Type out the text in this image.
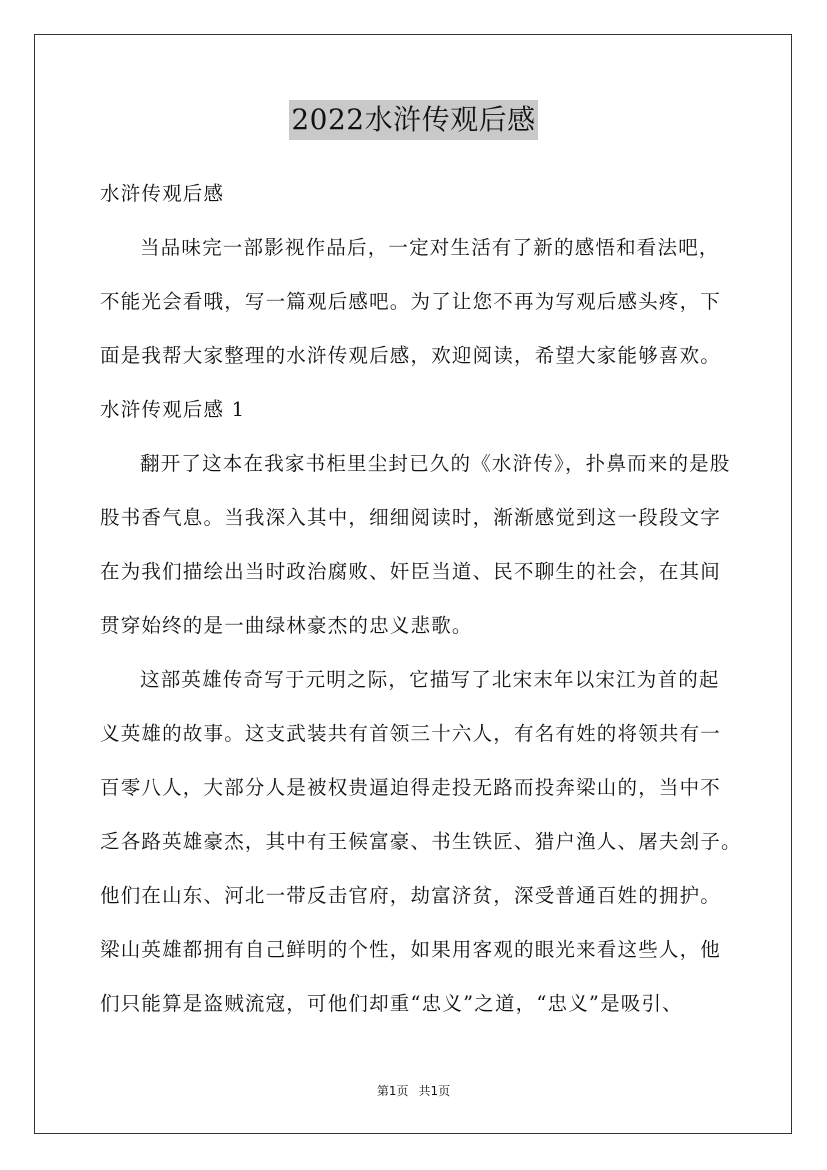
2022水浒传观后感
水浒传观后感
当品味完一部影视作品后，一定对生活有了新的感悟和看法吧，
不能光会看哦，写一篇观后感吧。为了让您不再为写观后感头疼，下
面是我帮大家整理的水浒传观后感，欢迎阅读，希望大家能够喜欢。
水浒传观后感 1
翻开了这本在我家书柜里尘封已久的《水浒传》，扑鼻而来的是股
股书香气息。当我深入其中，细细阅读时，渐渐感觉到这一段段文字
在为我们描绘出当时政治腐败、奸臣当道、民不聊生的社会，在其间
贯穿始终的是一曲绿林豪杰的忠义悲歌。
这部英雄传奇写于元明之际，它描写了北宋末年以宋江为首的起
义英雄的故事。这支武装共有首领三十六人，有名有姓的将领共有一
百零八人，大部分人是被权贵逼迫得走投无路而投奔梁山的，当中不
乏各路英雄豪杰，其中有王候富豪、书生铁匠、猎户渔人、屠夫刽子。
他们在山东、河北一带反击官府，劫富济贫，深受普通百姓的拥护。
梁山英雄都拥有自己鲜明的个性，如果用客观的眼光来看这些人，他
们只能算是盗贼流寇，可他们却重“忠义”之道，“忠义”是吸引、
第1页 共1页
